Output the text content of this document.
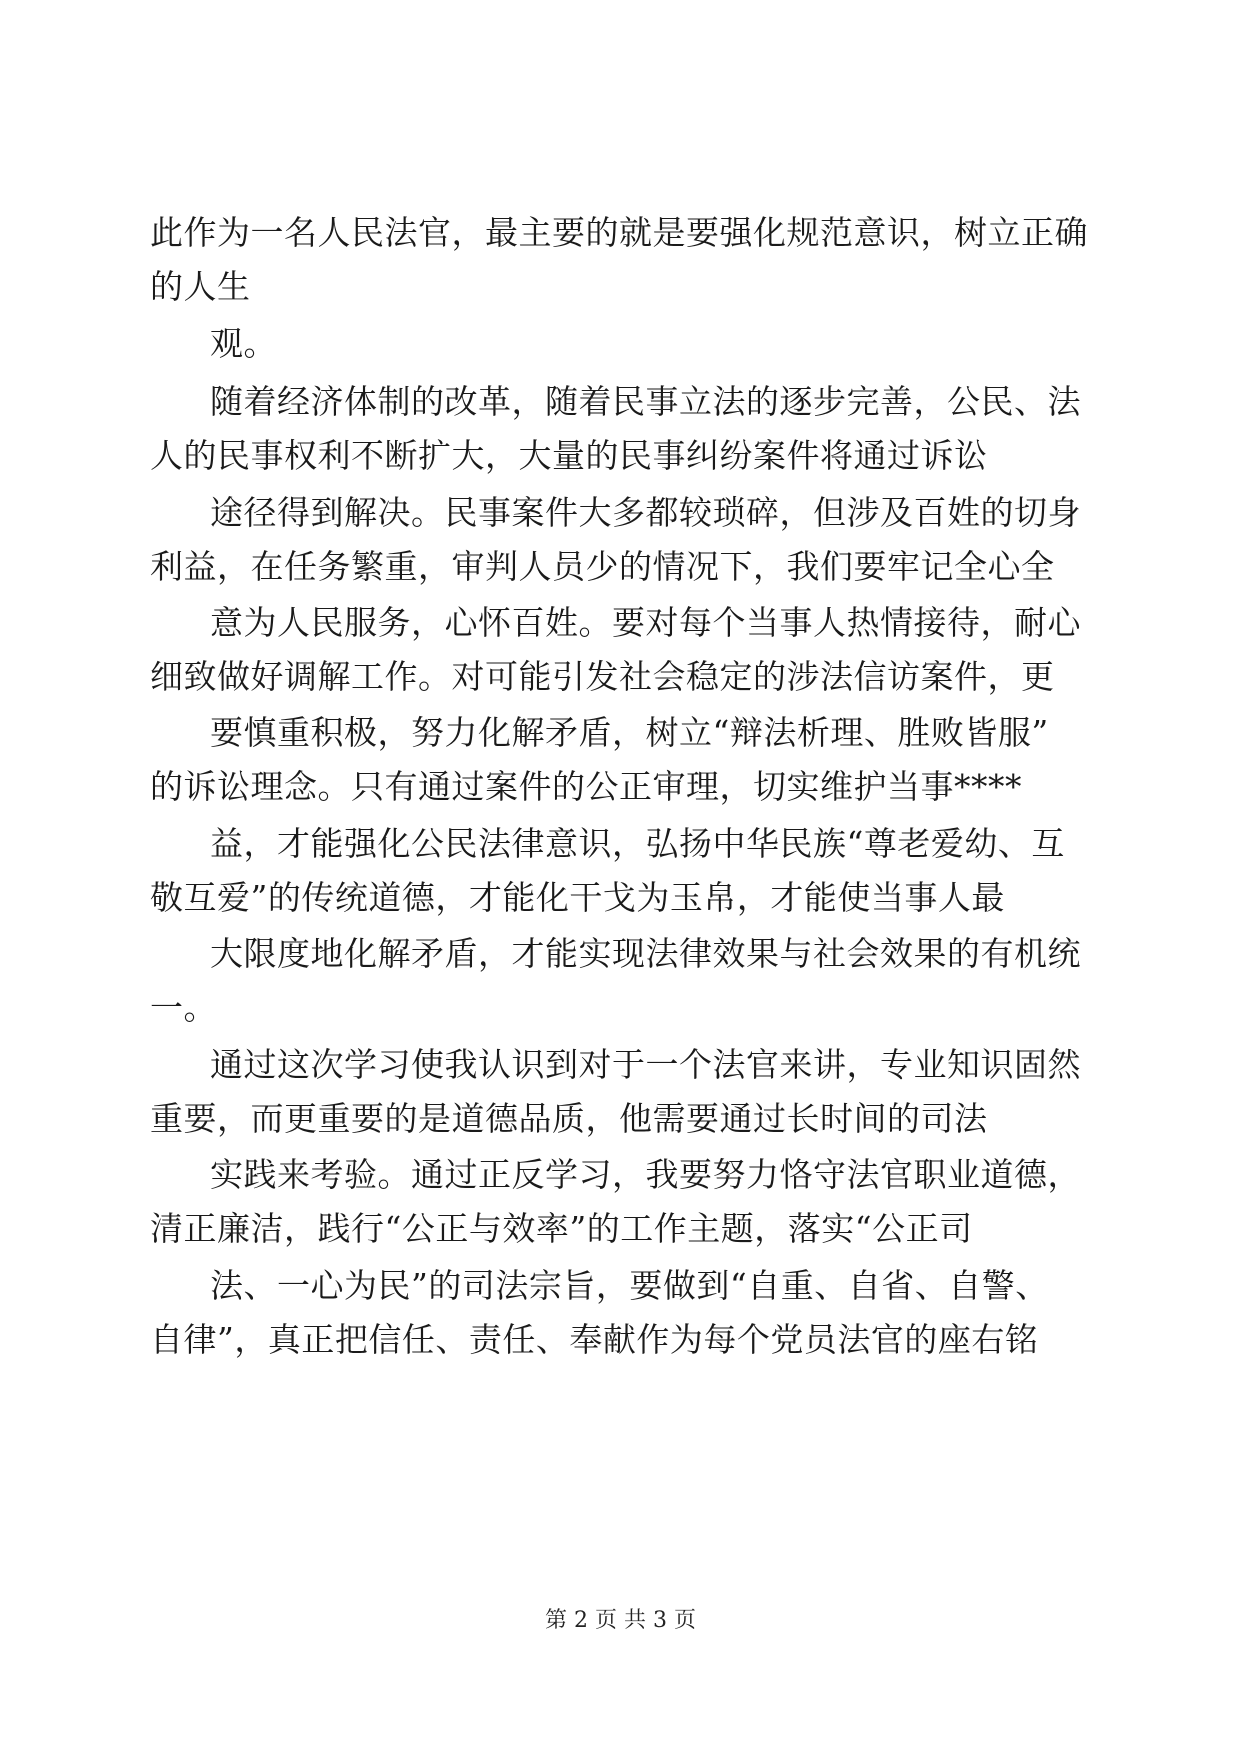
此作为一名人民法官，最主要的就是要强化规范意识，树立正确
的人生
观。
随着经济体制的改革，随着民事立法的逐步完善，公民、法
人的民事权利不断扩大，大量的民事纠纷案件将通过诉讼
途径得到解决。民事案件大多都较琐碎，但涉及百姓的切身
利益，在任务繁重，审判人员少的情况下，我们要牢记全心全
意为人民服务，心怀百姓。要对每个当事人热情接待，耐心
细致做好调解工作。对可能引发社会稳定的涉法信访案件，更
要慎重积极，努力化解矛盾，树立“辩法析理、胜败皆服”
的诉讼理念。只有通过案件的公正审理，切实维护当事****
益，才能强化公民法律意识，弘扬中华民族“尊老爱幼、互
敬互爱”的传统道德，才能化干戈为玉帛，才能使当事人最
大限度地化解矛盾，才能实现法律效果与社会效果的有机统
一。
通过这次学习使我认识到对于一个法官来讲，专业知识固然
重要，而更重要的是道德品质，他需要通过长时间的司法
实践来考验。通过正反学习，我要努力恪守法官职业道德，
清正廉洁，践行“公正与效率”的工作主题，落实“公正司
法、一心为民”的司法宗旨，要做到“自重、自省、自警、
自律”，真正把信任、责任、奉献作为每个党员法官的座右铭
第 2 页 共 3 页
